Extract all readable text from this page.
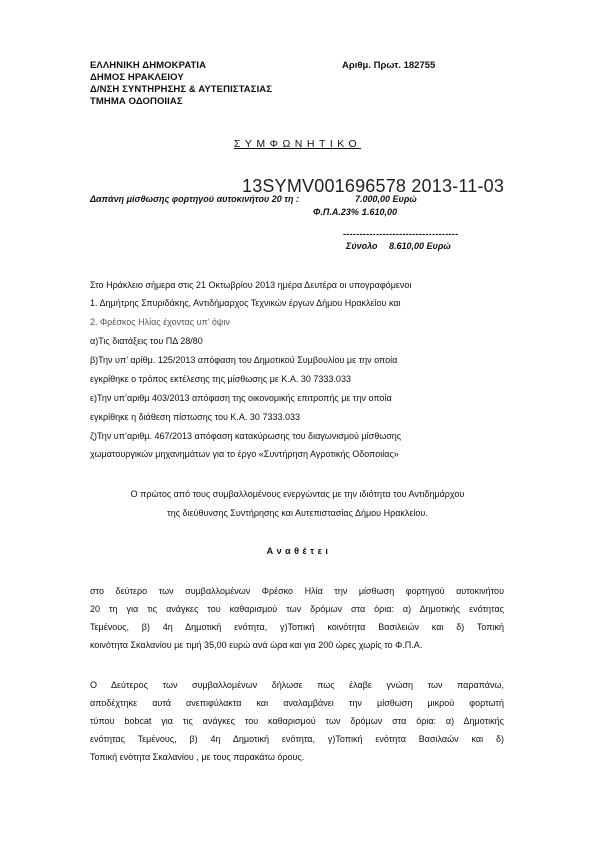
ΕΛΛΗΝΙΚΗ ΔΗΜΟΚΡΑΤΙΑ
ΔΗΜΟΣ ΗΡΑΚΛΕΙΟΥ
Δ/ΝΣΗ ΣΥΝΤΗΡΗΣΗΣ & ΑΥΤΕΠΙΣΤΑΣΙΑΣ
ΤΜΗΜΑ ΟΔΟΠΟΙΙΑΣ
Αριθμ. Πρωτ. 182755
ΣΥΜΦΩΝΗΤΙΚΟ
Δαπάνη μίσθωσης φορτηγού αυτοκινήτου 20 τη :	7.000,00 Ευρώ
Φ.Π.Α.23% :
1.610,00
13SYMV001696578 2013-11-03
-----------------------------------
Σύνολο 8.610,00 Ευρώ
Στο Ηράκλειο σήμερα στις 21 Οκτωβρίου 2013 ημέρα Δευτέρα οι υπογραφόμενοι
1. Δημήτρης Σπυριδάκης, Αντιδήμαρχος Τεχνικών έργων Δήμου Ηρακλείου και
2. Φρέσκος Ηλίας έχοντας υπ’ όψιν
α)Τις διατάξεις του ΠΔ 28/80
β)Την υπ’ αρίθμ. 125/2013 απόφαση του Δημοτικού Συμβουλίου με την οποία
εγκρίθηκε ο τρόπος εκτέλεσης της μίσθωσης με Κ.Α. 30 7333.033
ε)Την υπ’αριθμ 403/2013 απόφαση της οικονομικής επιτροπής με την οποία
εγκρίθηκε η διάθεση πίστωσης του Κ.Α. 30 7333.033
ζ)Την υπ’αριθμ. 467/2013 απόφαση κατακύρωσης του διαγωνισμού μίσθωσης
χωματουργικών μηχανημάτων για το έργο «Συντήρηση Αγροτικής Οδοποιίας»
Ο πρώτος από τους συμβαλλομένους ενεργώντας με την ιδιότητα του Αντιδημάρχου
της διεύθυνσης Συντήρησης και Αυτεπιστασίας Δήμου Ηρακλείου.
Α ν α θ έ τ ε ι
στο δεύτερο των συμβαλλομένων Φρέσκο Ηλία την μίσθωση φορτηγού αυτοκινήτου
20 τη για τις ανάγκες του καθαρισμού των δρόμων στα όρια: α) Δημοτικής ενότητας
Τεμένους, β) 4η Δημοτική ενότητα, γ)Τοπική κοινότητα Βασιλειών και δ) Τοπική
κοινότητα Σκαλανίου με τιμή 35,00 ευρώ ανά ώρα και για 200 ώρες χωρίς το Φ.Π.Α.
Ο Δεύτερος των συμβαλλομένων δήλωσε πως έλαβε γνώση των παραπάνω,
αποδέχτηκε αυτά ανεπιφύλακτα και αναλαμβάνει την μίσθωση μικρού φορτωτή
τύπου bobcat για τις ανάγκες του καθαρισμού των δρόμων στα όρια: α) Δημοτικής
ενότητας Τεμένους, β) 4η Δημοτική ενότητα, γ)Τοπική ενότητα Βασιλαών και δ)
Τοπική ενότητα Σκαλανίου , με τους παρακάτω όρους.
